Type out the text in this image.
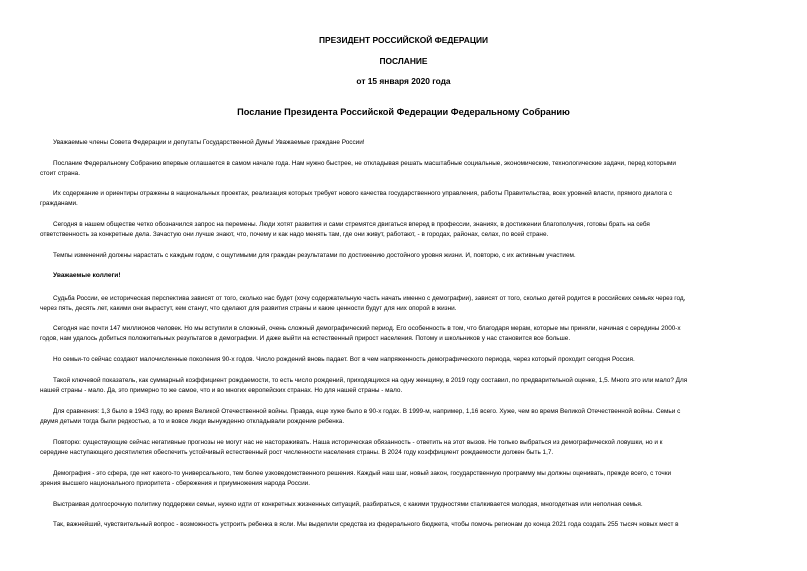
ПРЕЗИДЕНТ РОССИЙСКОЙ ФЕДЕРАЦИИ
ПОСЛАНИЕ
от 15 января 2020 года
Послание Президента Российской Федерации Федеральному Собранию
Уважаемые члены Совета Федерации и депутаты Государственной Думы! Уважаемые граждане России!
Послание Федеральному Собранию впервые оглашается в самом начале года. Нам нужно быстрее, не откладывая решать масштабные социальные, экономические, технологические задачи, перед которыми
стоит страна.
Их содержание и ориентиры отражены в национальных проектах, реализация которых требует нового качества государственного управления, работы Правительства, всех уровней власти, прямого диалога с
гражданами.
Сегодня в нашем обществе четко обозначился запрос на перемены. Люди хотят развития и сами стремятся двигаться вперед в профессии, знаниях, в достижении благополучия, готовы брать на себя
ответственность за конкретные дела. Зачастую они лучше знают, что, почему и как надо менять там, где они живут, работают, - в городах, районах, селах, по всей стране.
Темпы изменений должны нарастать с каждым годом, с ощутимыми для граждан результатами по достижению достойного уровня жизни. И, повторю, с их активным участием.
Уважаемые коллеги!
Судьба России, ее историческая перспектива зависят от того, сколько нас будет (хочу содержательную часть начать именно с демографии), зависят от того, сколько детей родится в российских семьях через год,
через пять, десять лет, какими они вырастут, кем станут, что сделают для развития страны и какие ценности будут для них опорой в жизни.
Сегодня нас почти 147 миллионов человек. Но мы вступили в сложный, очень сложный демографический период. Его особенность в том, что благодаря мерам, которые мы приняли, начиная с середины 2000-х
годов, нам удалось добиться положительных результатов в демографии. И даже выйти на естественный прирост населения. Потому и школьников у нас становится все больше.
Но семьи-то сейчас создают малочисленные поколения 90-х годов. Число рождений вновь падает. Вот в чем напряженность демографического периода, через который проходит сегодня Россия.
Такой ключевой показатель, как суммарный коэффициент рождаемости, то есть число рождений, приходящихся на одну женщину, в 2019 году составил, по предварительной оценке, 1,5. Много это или мало? Для
нашей страны - мало. Да, это примерно то же самое, что и во многих европейских странах. Но для нашей страны - мало.
Для сравнения: 1,3 было в 1943 году, во время Великой Отечественной войны. Правда, еще хуже было в 90-х годах. В 1999-м, например, 1,16 всего. Хуже, чем во время Великой Отечественной войны. Семьи с
двумя детьми тогда были редкостью, а то и вовсе люди вынужденно откладывали рождение ребенка.
Повторю: существующие сейчас негативные прогнозы не могут нас не настораживать. Наша историческая обязанность - ответить на этот вызов. Не только выбраться из демографической ловушки, но и к
середине наступающего десятилетия обеспечить устойчивый естественный рост численности населения страны. В 2024 году коэффициент рождаемости должен быть 1,7.
Демография - это сфера, где нет какого-то универсального, тем более узковедомственного решения. Каждый наш шаг, новый закон, государственную программу мы должны оценивать, прежде всего, с точки
зрения высшего национального приоритета - сбережения и приумножения народа России.
Выстраивая долгосрочную политику поддержки семьи, нужно идти от конкретных жизненных ситуаций, разбираться, с какими трудностями сталкивается молодая, многодетная или неполная семья.
Так, важнейший, чувствительный вопрос - возможность устроить ребенка в ясли. Мы выделили средства из федерального бюджета, чтобы помочь регионам до конца 2021 года создать 255 тысяч новых мест в
